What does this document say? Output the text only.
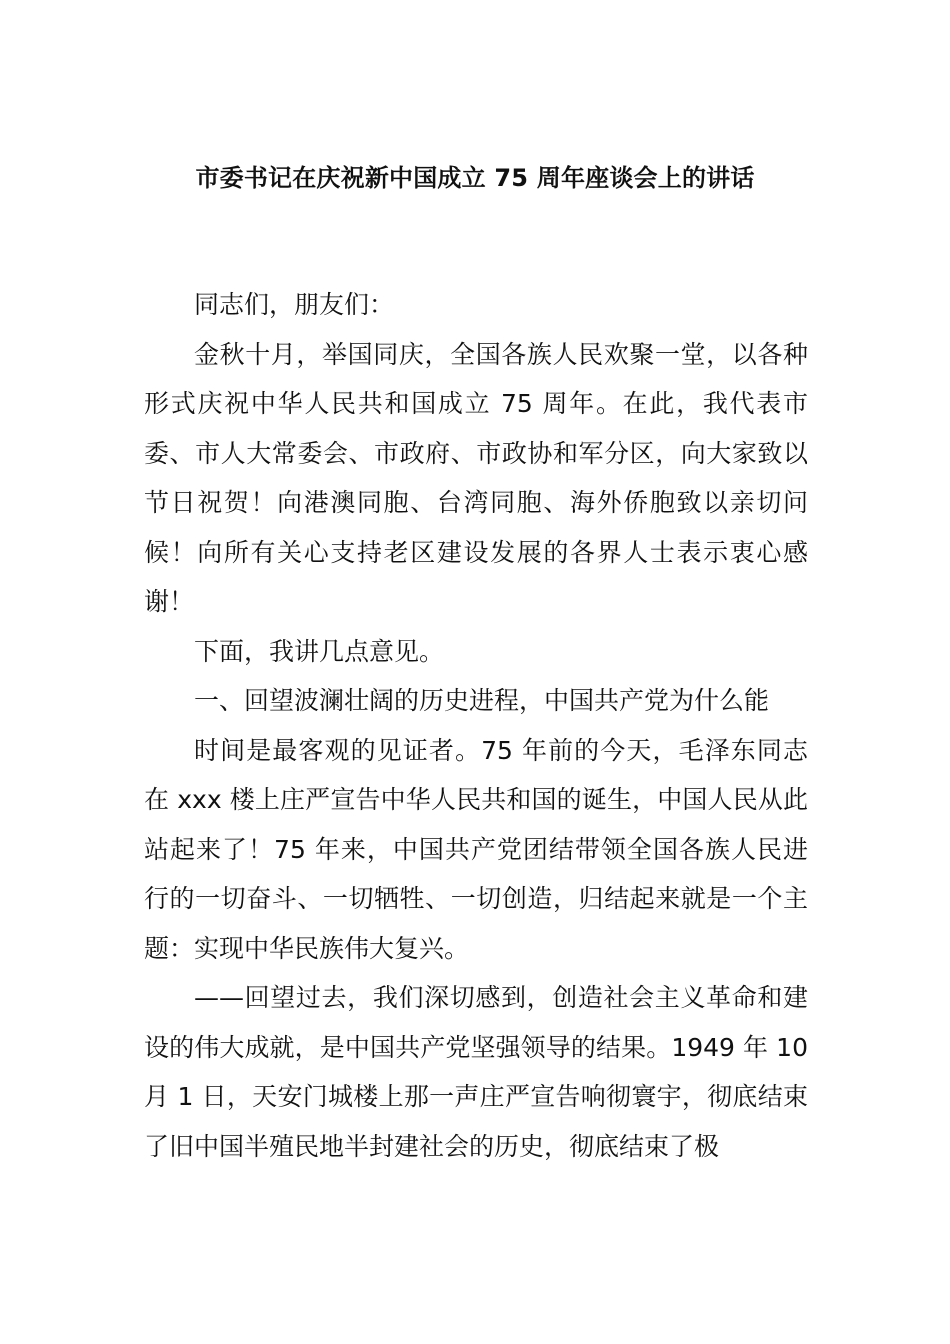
市委书记在庆祝新中国成立 75 周年座谈会上的讲话

同志们，朋友们：

金秋十月，举国同庆，全国各族人民欢聚一堂，以各种形式庆祝中华人民共和国成立 75 周年。在此，我代表市委、市人大常委会、市政府、市政协和军分区，向大家致以节日祝贺！向港澳同胞、台湾同胞、海外侨胞致以亲切问候！向所有关心支持老区建设发展的各界人士表示衷心感谢！

下面，我讲几点意见。

一、回望波澜壮阔的历史进程，中国共产党为什么能

时间是最客观的见证者。75 年前的今天，毛泽东同志在 xxx 楼上庄严宣告中华人民共和国的诞生，中国人民从此站起来了！75 年来，中国共产党团结带领全国各族人民进行的一切奋斗、一切牺牲、一切创造，归结起来就是一个主题：实现中华民族伟大复兴。

——回望过去，我们深切感到，创造社会主义革命和建设的伟大成就，是中国共产党坚强领导的结果。1949 年 10 月 1 日，天安门城楼上那一声庄严宣告响彻寰宇，彻底结束了旧中国半殖民地半封建社会的历史，彻底结束了极
